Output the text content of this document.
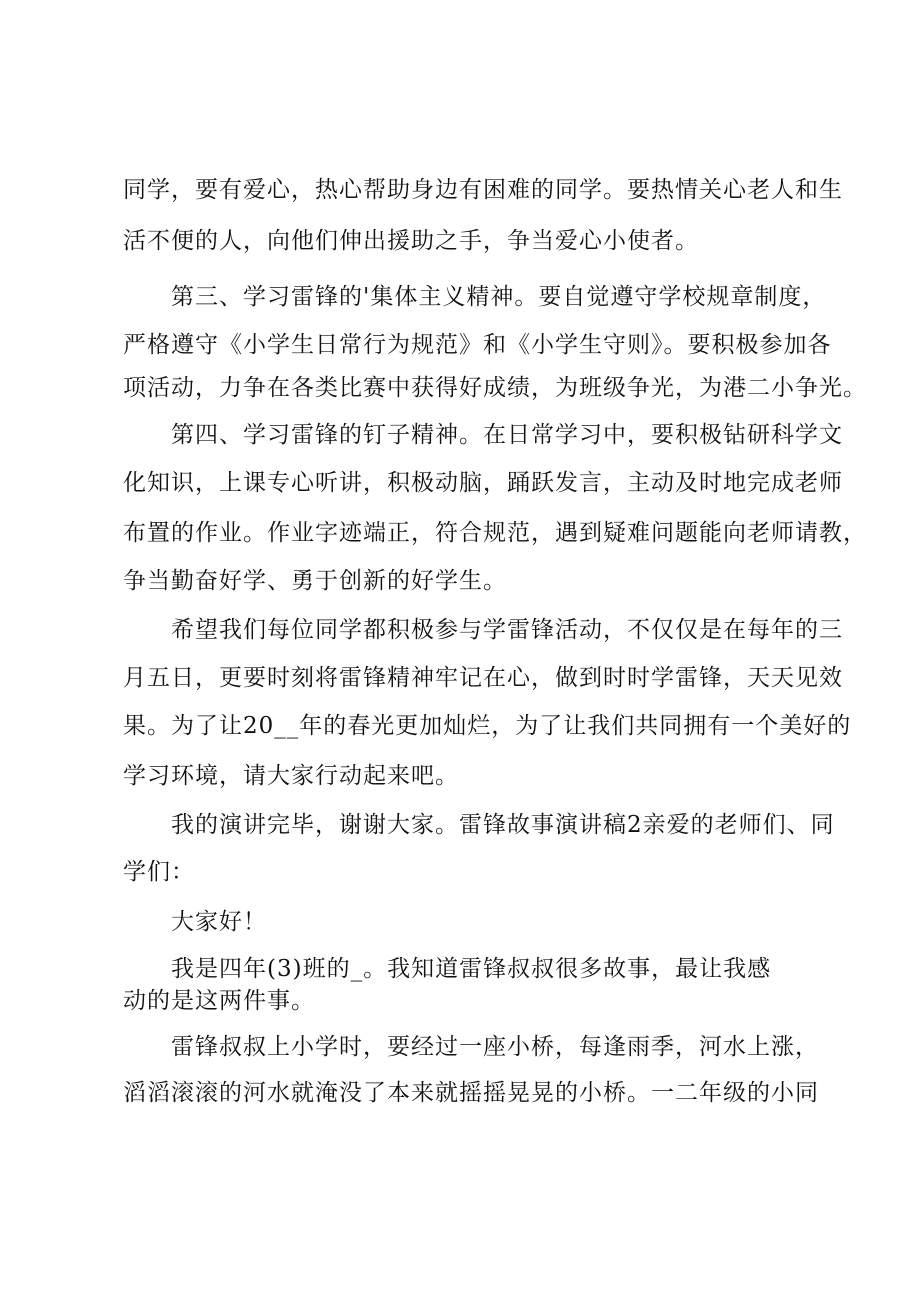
同学，要有爱心，热心帮助身边有困难的同学。要热情关心老人和生
活不便的人，向他们伸出援助之手，争当爱心小使者。
第三、学习雷锋的'集体主义精神。要自觉遵守学校规章制度，
严格遵守《小学生日常行为规范》和《小学生守则》。要积极参加各
项活动，力争在各类比赛中获得好成绩，为班级争光，为港二小争光。
第四、学习雷锋的钉子精神。在日常学习中，要积极钻研科学文
化知识，上课专心听讲，积极动脑，踊跃发言，主动及时地完成老师
布置的作业。作业字迹端正，符合规范，遇到疑难问题能向老师请教，
争当勤奋好学、勇于创新的好学生。
希望我们每位同学都积极参与学雷锋活动，不仅仅是在每年的三
月五日，更要时刻将雷锋精神牢记在心，做到时时学雷锋，天天见效
果。为了让20__年的春光更加灿烂，为了让我们共同拥有一个美好的
学习环境，请大家行动起来吧。
我的演讲完毕，谢谢大家。雷锋故事演讲稿2亲爱的老师们、同
学们：
大家好！
我是四年(3)班的_。我知道雷锋叔叔很多故事，最让我感
动的是这两件事。
雷锋叔叔上小学时，要经过一座小桥，每逢雨季，河水上涨，
滔滔滚滚的河水就淹没了本来就摇摇晃晃的小桥。一二年级的小同
